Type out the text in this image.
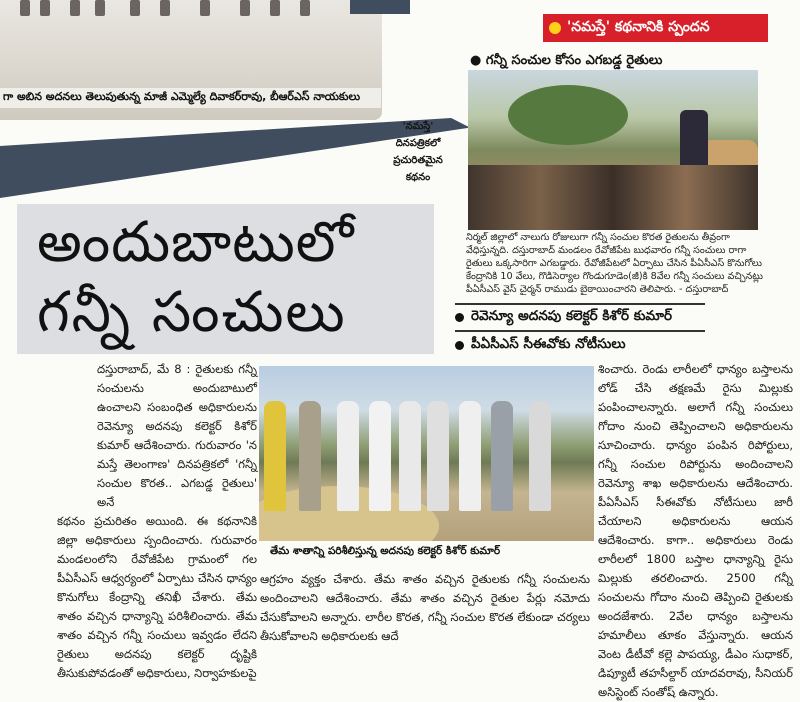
గా అబిన అదనలు తెలుపుతున్న మాజీ ఎమ్మెల్యే దివాకర్‌రావు, బీఆర్ఎస్‌ నాయకులు
'నమస్తే' కథనానికి స్పందన
● గన్నీ సంచుల కోసం ఎగబడ్డ రైతులు
నిర్మల్ జిల్లాలో నాలుగు రోజులుగా గన్నీ సంచుల కొరత రైతులను తీవ్రంగా వేధిస్తున్నది. దస్తురాబాద్ మండలం రేవోజీపేట బుధవారం గన్నీ సంచులు రాగా రైతులు ఒక్కసారిగా ఎగబడ్డారు. రేవోజీపేటలో ఏర్పాటు చేసిన పీఏసీఎస్ కొనుగోలు కేంద్రానికి 10 వేలు, గొడిసెర్యాల గొండుగూడెం(జీ)కి 8వేల గన్నీ సంచులు వచ్చినట్లు పీఏసీఎస్ వైస్ చైర్మన్ రాముడు బైఠాయించారని తెలిపారు. - దస్తురాబాద్
'నమస్తే' దినపత్రికలో ప్రచురితమైన కథనం
అందుబాటులో
గన్నీ సంచులు	రెవెన్యూ అదనపు కలెక్టర్ కిశోర్ కుమార్
పీఏసీఎస్ సీఈవోకు నోటీసులు

దస్తురాబాద్, మే 8 : రైతులకు గన్నీ సంచులను అందుబాటులో ఉంచాలని సంబంధిత అధికారులను రెవెన్యూ అదనపు కలెక్టర్ కిశోర్ కుమార్ ఆదేశించారు. గురువారం 'న మస్తే తెలంగాణ' దినపత్రికలో 'గన్నీ సంచుల కొరత.. ఎగబడ్డ రైతులు' అనే

కథనం ప్రచురితం అయింది. ఈ కథనానికి జిల్లా అధికారులు స్పందించారు. గురువారం మండలంలోని రేవోజీపేట గ్రామంలో గల పీఏసీఎస్ ఆధ్వర్యంలో ఏర్పాటు చేసిన ధాన్యం కొనుగోలు కేంద్రాన్ని తనిఖీ చేశారు. తేమ శాతం వచ్చిన ధాన్యాన్ని పరిశీలించారు. తేమ శాతం వచ్చిన గన్నీ సంచులు ఇవ్వడం లేదని రైతులు అదనపు కలెక్టర్ దృష్టికి తీసుకుపోవడంతో అధికారులు, నిర్వాహకులపై

తేమ శాతాన్ని పరిశీలిస్తున్న అదనపు కలెక్టర్ కిశోర్ కుమార్

ఆగ్రహం వ్యక్తం చేశారు. తేమ శాతం వచ్చిన రైతులకు గన్నీ సంచులను అందించాలని ఆదేశించారు. తేమ శాతం వచ్చిన రైతుల పేర్లు నమోదు చేసుకోవాలని అన్నారు. లారీల కొరత, గన్నీ సంచుల కొరత లేకుండా చర్యలు తీసుకోవాలని అధికారులకు ఆదే

శించారు. రెండు లారీలలో ధాన్యం బస్తాలను లోడ్ చేసి తక్షణమే రైసు మిల్లుకు పంపించాలన్నారు. అలాగే గన్నీ సంచులు గోదాం నుంచి తెప్పించాలని అధికారులను సూచించారు. ధాన్యం పంపిన రిపోర్టులు, గన్నీ సంచుల రిపోర్టును అందించాలని రెవెన్యూ శాఖ అధికారులను ఆదేశించారు. పీఏసీఎస్ సీఈవోకు నోటీసులు జారీ చేయాలని అధికారులను ఆయన ఆదేశించారు. కాగా.. అధికారులు రెండు లారీలలో 1800 బస్తాల ధాన్యాన్ని రైసు మిల్లుకు తరలించారు. 2500 గన్నీ సంచులను గోదాం నుంచి తెప్పించి రైతులకు అందజేశారు. 2వేల ధాన్యం బస్తాలను హమాలీలు తూకం వేస్తున్నారు. ఆయన వెంట డీటీవో కల్లె పాపయ్య, డీఎం సుధాకర్, డిప్యూటీ తహసీల్దార్ యాదవరావు, సీనియర్ అసిస్టెంట్ సంతోష్ ఉన్నారు.
